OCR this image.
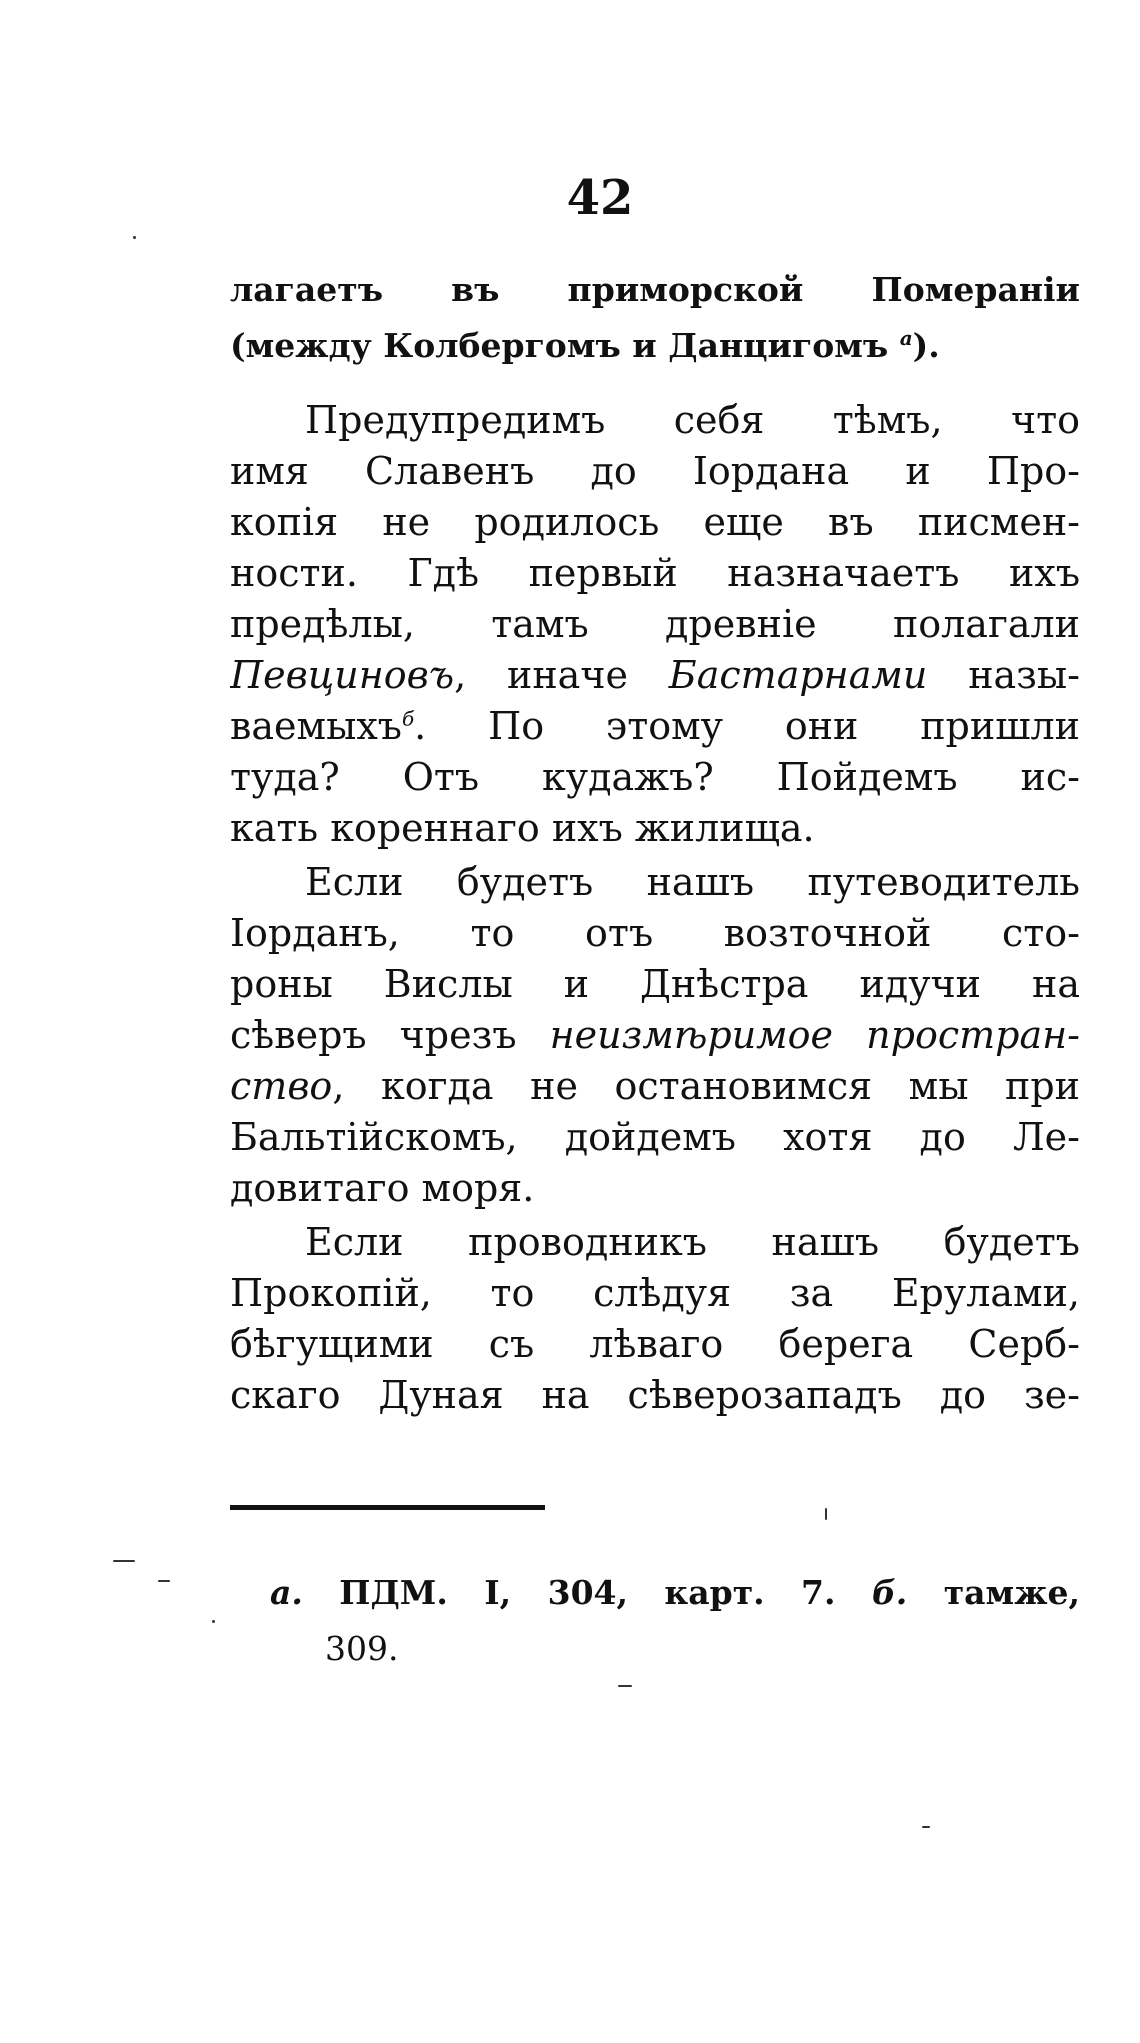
42
лагаетъ въ приморской Помераніи
(между Колбергомъ и Данцигомъ $^а$).
Предупредимъ себя тѣмъ, что
имя Славенъ до Іордана и Про-
копія не родилось еще въ писмен-
ности. Гдѣ первый назначаетъ ихъ
предѣлы, тамъ древніе полагали
Певциновъ, иначе Бастарнами назы-
ваемыхъ$^б$. По этому они пришли
туда? Отъ кудажъ? Пойдемъ ис-
кать кореннаго ихъ жилища.
Если будетъ нашъ путеводитель
Іорданъ, то отъ возточной сто-
роны Вислы и Днѣстра идучи на
сѣверъ чрезъ неизмѣримое простран-
ство, когда не остановимся мы при
Бальтійскомъ, дойдемъ хотя до Ле-
довитаго моря.
Если проводникъ нашъ будетъ
Прокопій, то слѣдуя за Ерулами,
бѣгущими съ лѣваго берега Серб-
скаго Дуная на сѣверозападъ до зе-
а. ПДМ. I, 304, карт. 7. б. тамже,
309.
